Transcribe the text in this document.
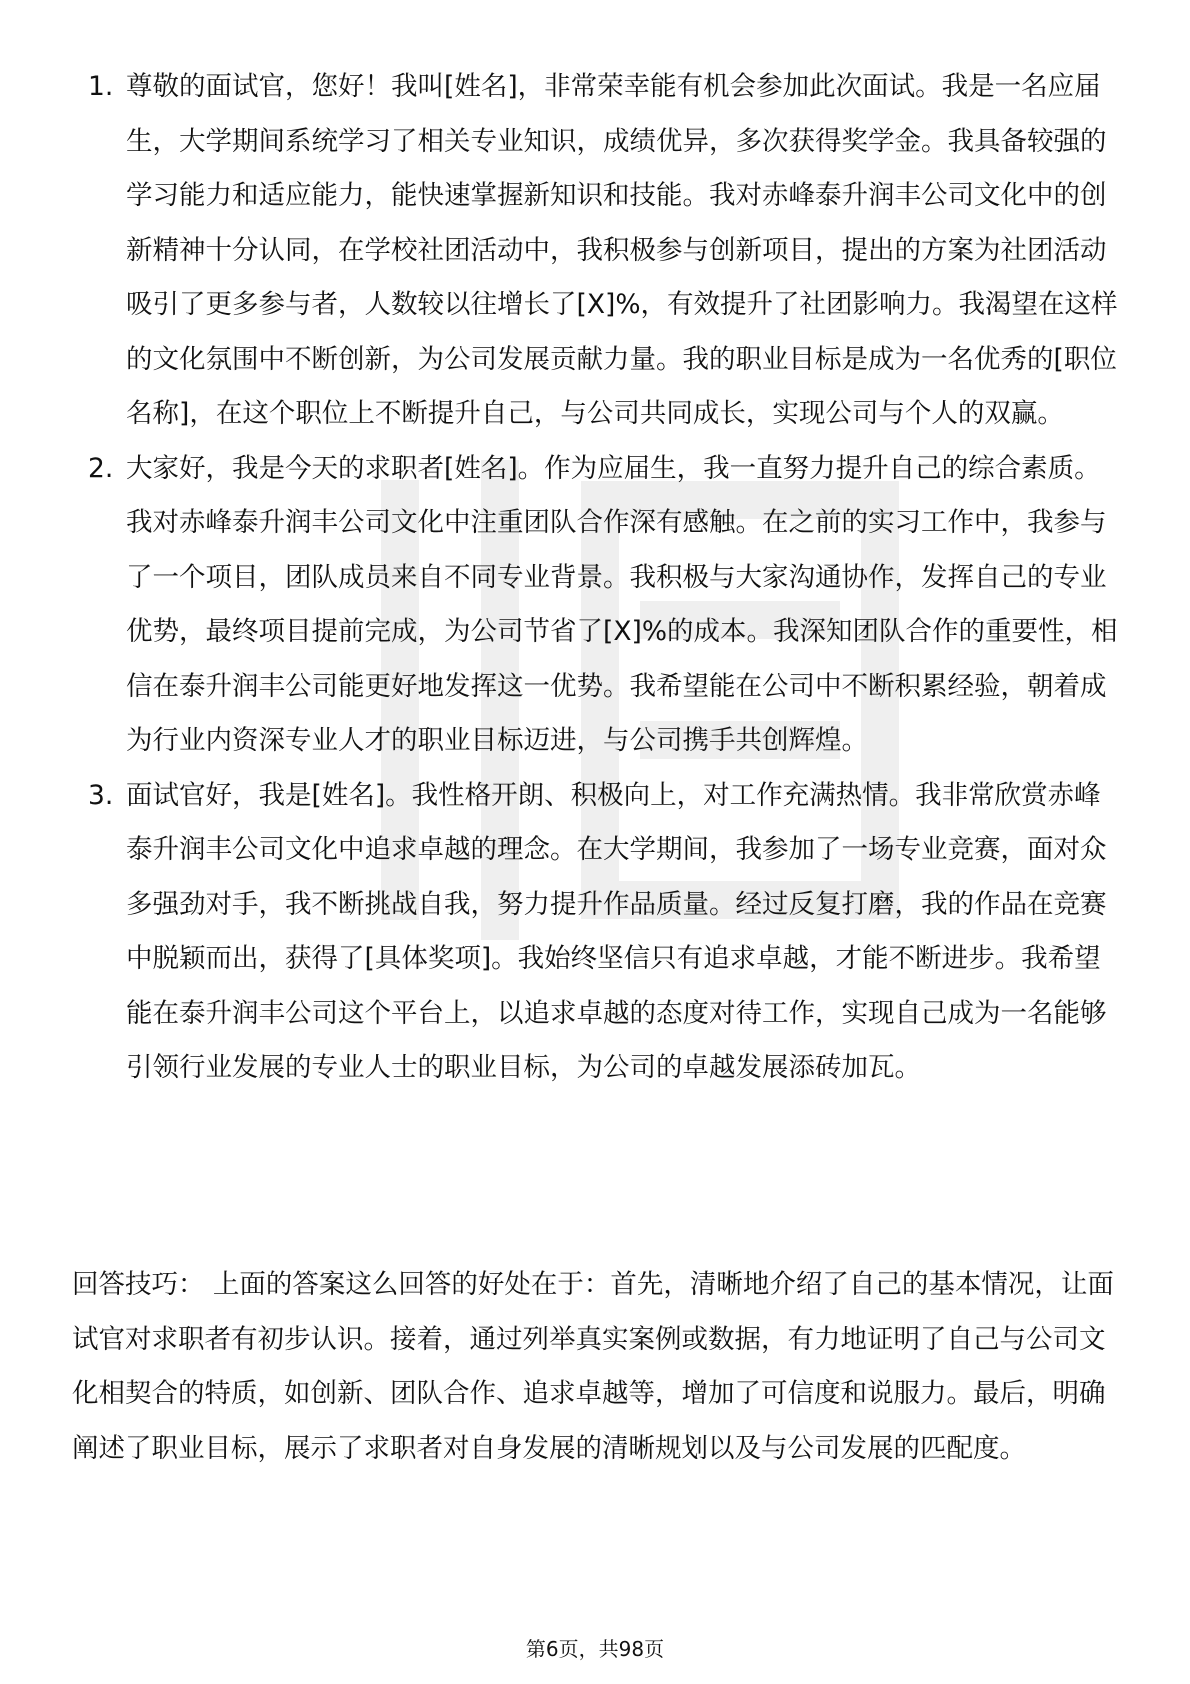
1. 尊敬的面试官，您好！我叫[姓名]，非常荣幸能有机会参加此次面试。我是一名应届生，大学期间系统学习了相关专业知识，成绩优异，多次获得奖学金。我具备较强的学习能力和适应能力，能快速掌握新知识和技能。我对赤峰泰升润丰公司文化中的创新精神十分认同，在学校社团活动中，我积极参与创新项目，提出的方案为社团活动吸引了更多参与者，人数较以往增长了[X]%，有效提升了社团影响力。我渴望在这样的文化氛围中不断创新，为公司发展贡献力量。我的职业目标是成为一名优秀的[职位名称]，在这个职位上不断提升自己，与公司共同成长，实现公司与个人的双赢。
2. 大家好，我是今天的求职者[姓名]。作为应届生，我一直努力提升自己的综合素质。我对赤峰泰升润丰公司文化中注重团队合作深有感触。在之前的实习工作中，我参与了一个项目，团队成员来自不同专业背景。我积极与大家沟通协作，发挥自己的专业优势，最终项目提前完成，为公司节省了[X]%的成本。我深知团队合作的重要性，相信在泰升润丰公司能更好地发挥这一优势。我希望能在公司中不断积累经验，朝着成为行业内资深专业人才的职业目标迈进，与公司携手共创辉煌。
3. 面试官好，我是[姓名]。我性格开朗、积极向上，对工作充满热情。我非常欣赏赤峰泰升润丰公司文化中追求卓越的理念。在大学期间，我参加了一场专业竞赛，面对众多强劲对手，我不断挑战自我，努力提升作品质量。经过反复打磨，我的作品在竞赛中脱颖而出，获得了[具体奖项]。我始终坚信只有追求卓越，才能不断进步。我希望能在泰升润丰公司这个平台上，以追求卓越的态度对待工作，实现自己成为一名能够引领行业发展的专业人士的职业目标，为公司的卓越发展添砖加瓦。

回答技巧： 上面的答案这么回答的好处在于：首先，清晰地介绍了自己的基本情况，让面试官对求职者有初步认识。接着，通过列举真实案例或数据，有力地证明了自己与公司文化相契合的特质，如创新、团队合作、追求卓越等，增加了可信度和说服力。最后，明确阐述了职业目标，展示了求职者对自身发展的清晰规划以及与公司发展的匹配度。

第6页，共98页
